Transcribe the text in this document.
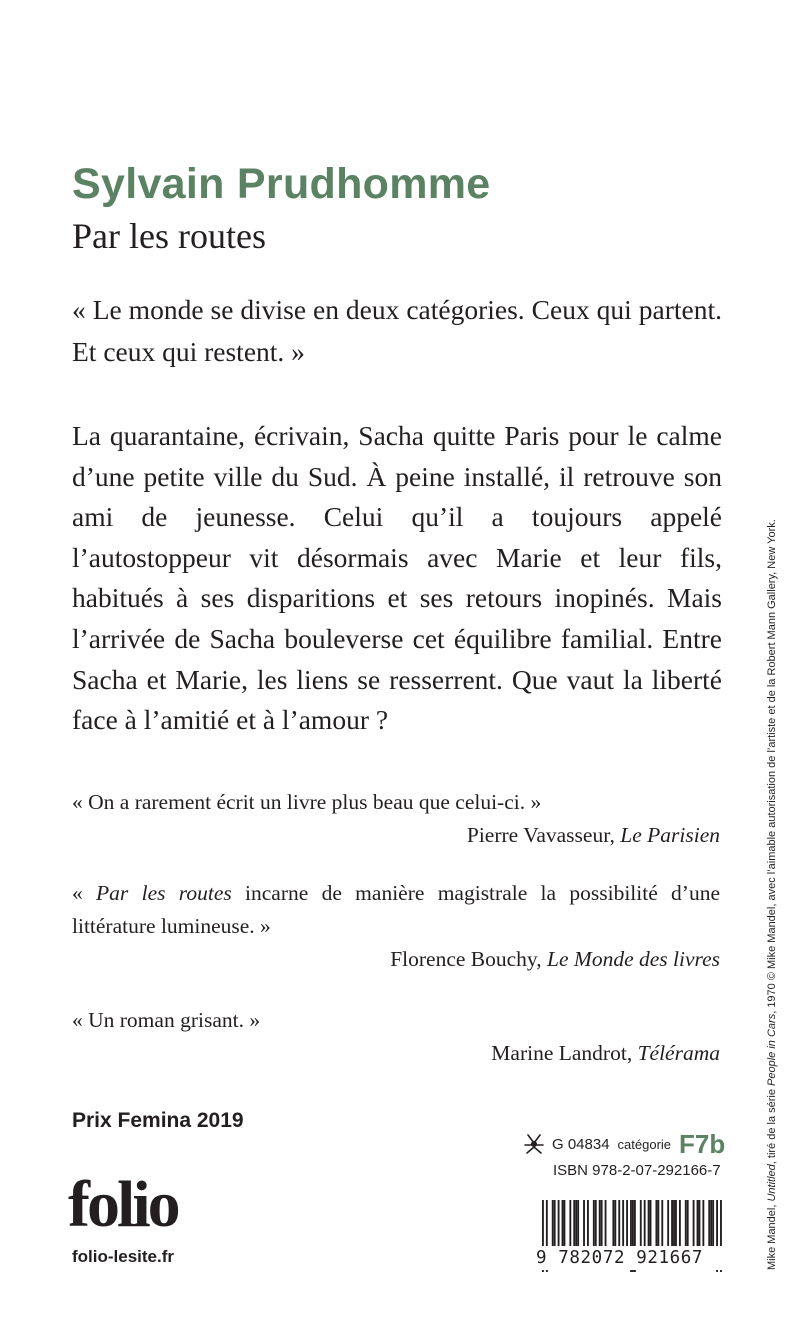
Sylvain Prudhomme
Par les routes

« Le monde se divise en deux catégories. Ceux qui partent. Et ceux qui restent. »

La quarantaine, écrivain, Sacha quitte Paris pour le calme d’une petite ville du Sud. À peine installé, il retrouve son ami de jeunesse. Celui qu’il a toujours appelé l’autostoppeur vit désormais avec Marie et leur fils, habitués à ses disparitions et ses retours inopinés. Mais l’arrivée de Sacha bouleverse cet équilibre familial. Entre Sacha et Marie, les liens se resserrent. Que vaut la liberté face à l’amitié et à l’amour ?

« On a rarement écrit un livre plus beau que celui-ci. »
Pierre Vavasseur, Le Parisien
« Par les routes incarne de manière magistrale la possibilité d’une littérature lumineuse. »
Florence Bouchy, Le Monde des livres
« Un roman grisant. »
Marine Landrot, Télérama

Prix Femina 2019

folio

folio-lesite.fr

G 04834 catégorie F7b

ISBN 978-2-07-292166-7

9 782072 921667	Mike Mandel, Untitled, tiré de la série People in Cars, 1970 © Mike Mandel, avec l’aimable autorisation de l’artiste et de la Robert Mann Gallery, New York.
